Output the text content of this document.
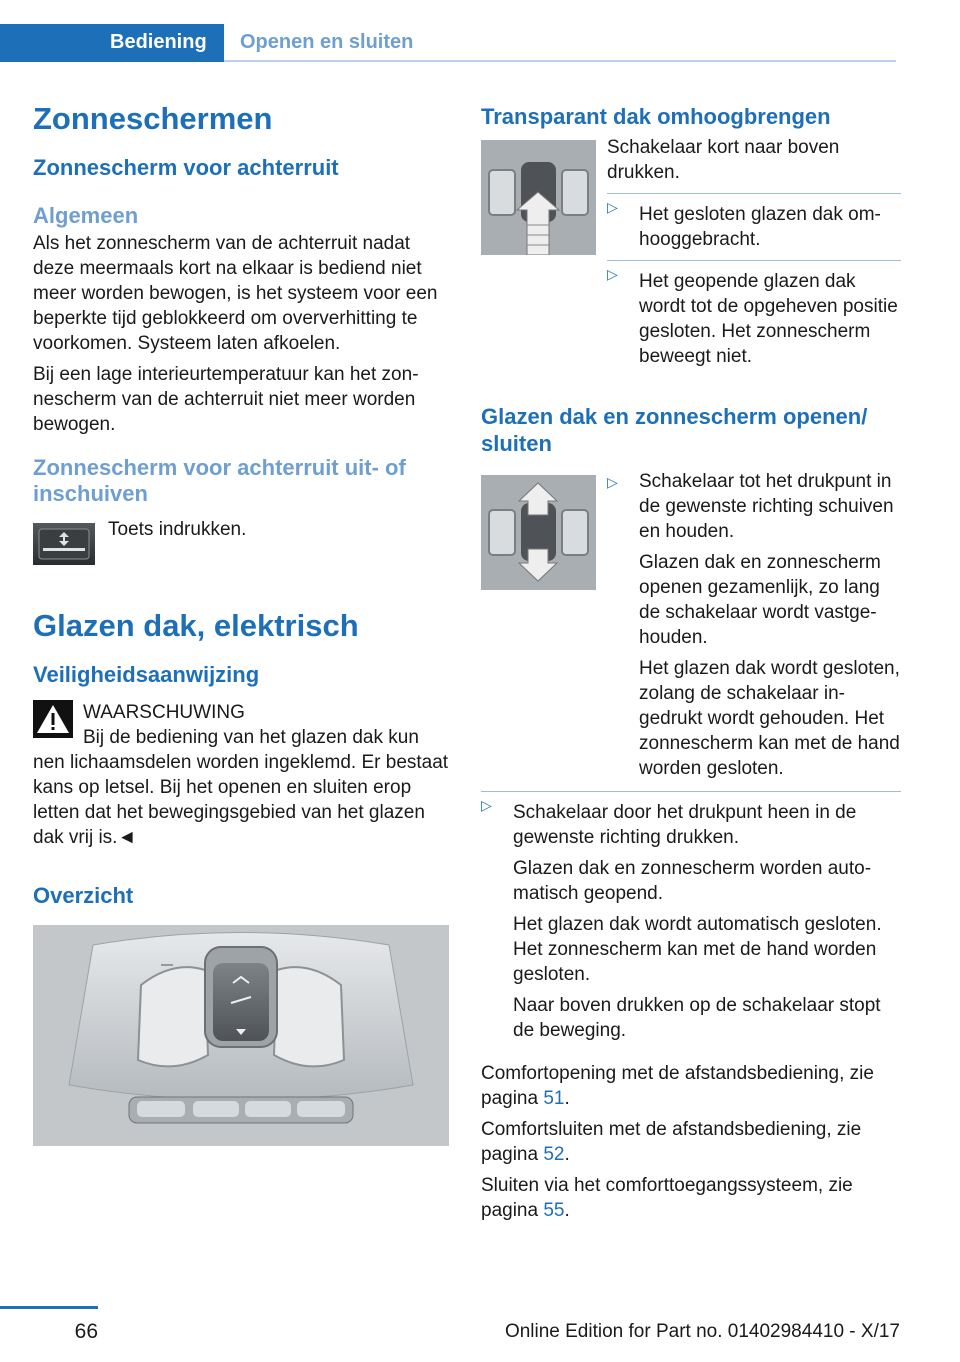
Bediening	Openen en sluiten
Zonneschermen
Zonnescherm voor achterruit
Algemeen

Als het zonnescherm van de achterruit nadat deze meermaals kort na elkaar is bediend niet meer worden bewogen, is het systeem voor een beperkte tijd geblokkeerd om oververhitting te voorkomen. Systeem laten afkoelen.

Bij een lage interieurtemperatuur kan het zonnescherm van de achterruit niet meer worden bewogen.

Zonnescherm voor achterruit uit- of inschuiven
Toets indrukken.
Glazen dak, elektrisch
Veiligheidsaanwijzing
WAARSCHUWING
Bij de bediening van het glazen dak kun
nen lichaamsdelen worden ingeklemd. Er bestaat kans op letsel. Bij het openen en sluiten erop letten dat het bewegingsgebied van het glazen dak vrij is.◄
Overzicht
Transparant dak omhoogbrengen

Schakelaar kort naar boven drukken.

▷ Het gesloten glazen dak omhooggebracht.
▷ Het geopende glazen dak wordt tot de opgeheven positie gesloten. Het zonnescherm beweegt niet.
Glazen dak en zonnescherm openen/ sluiten
▷ Schakelaar tot het drukpunt in de gewenste richting schuiven en houden.
Glazen dak en zonnescherm openen gezamenlijk, zo lang de schakelaar wordt vastgehouden.
Het glazen dak wordt gesloten, zolang de schakelaar ingedrukt wordt gehouden. Het zonnescherm kan met de hand worden gesloten.
▷ Schakelaar door het drukpunt heen in de gewenste richting drukken.
Glazen dak en zonnescherm worden automatisch geopend.
Het glazen dak wordt automatisch gesloten. Het zonnescherm kan met de hand worden gesloten.
Naar boven drukken op de schakelaar stopt de beweging.

Comfortopening met de afstandsbediening, zie pagina 51.

Comfortsluiten met de afstandsbediening, zie pagina 52.

Sluiten via het comforttoegangssysteem, zie pagina 55.

66	Online Edition for Part no. 01402984410 - X/17
